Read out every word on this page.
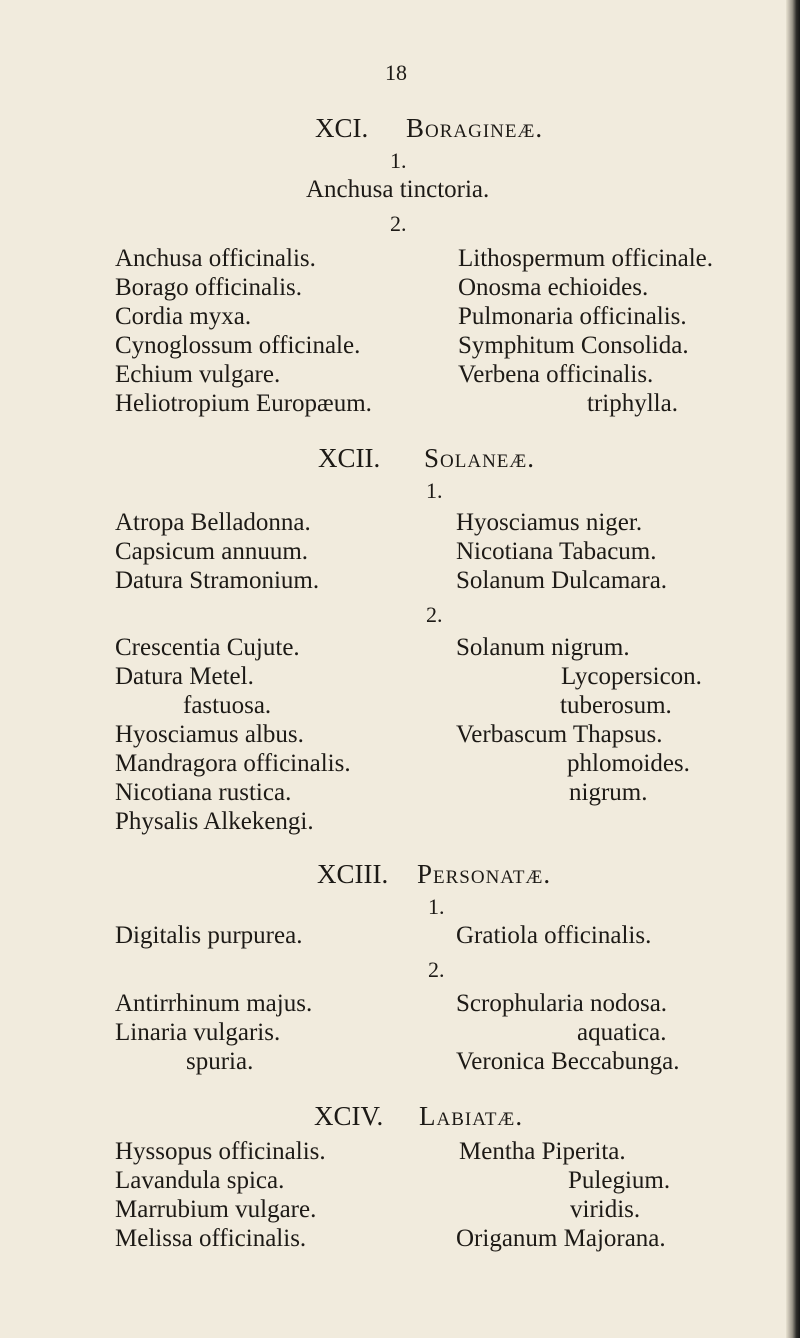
18
XCI. Boragineæ.
1.
Anchusa tinctoria.
2.
Anchusa officinalis.
Borago officinalis.
Cordia myxa.
Cynoglossum officinale.
Echium vulgare.
Heliotropium Europæum.
Lithospermum officinale.
Onosma echioides.
Pulmonaria officinalis.
Symphitum Consolida.
Verbena officinalis.
triphylla.
XCII. Solaneæ.
1.
Atropa Belladonna.
Capsicum annuum.
Datura Stramonium.
Hyosciamus niger.
Nicotiana Tabacum.
Solanum Dulcamara.
2.
Crescentia Cujute.
Datura Metel.
fastuosa.
Hyosciamus albus.
Mandragora officinalis.
Nicotiana rustica.
Physalis Alkekengi.
Solanum nigrum.
Lycopersicon.
tuberosum.
Verbascum Thapsus.
phlomoides.
nigrum.
XCIII. Personatæ.
1.
Digitalis purpurea.	Gratiola officinalis.
2.
Antirrhinum majus.
Linaria vulgaris.
spuria.
Scrophularia nodosa.
aquatica.
Veronica Beccabunga.
XCIV. Labiatæ.
Hyssopus officinalis.
Lavandula spica.
Marrubium vulgare.
Melissa officinalis.
Mentha Piperita.
Pulegium.
viridis.
Origanum Majorana.
